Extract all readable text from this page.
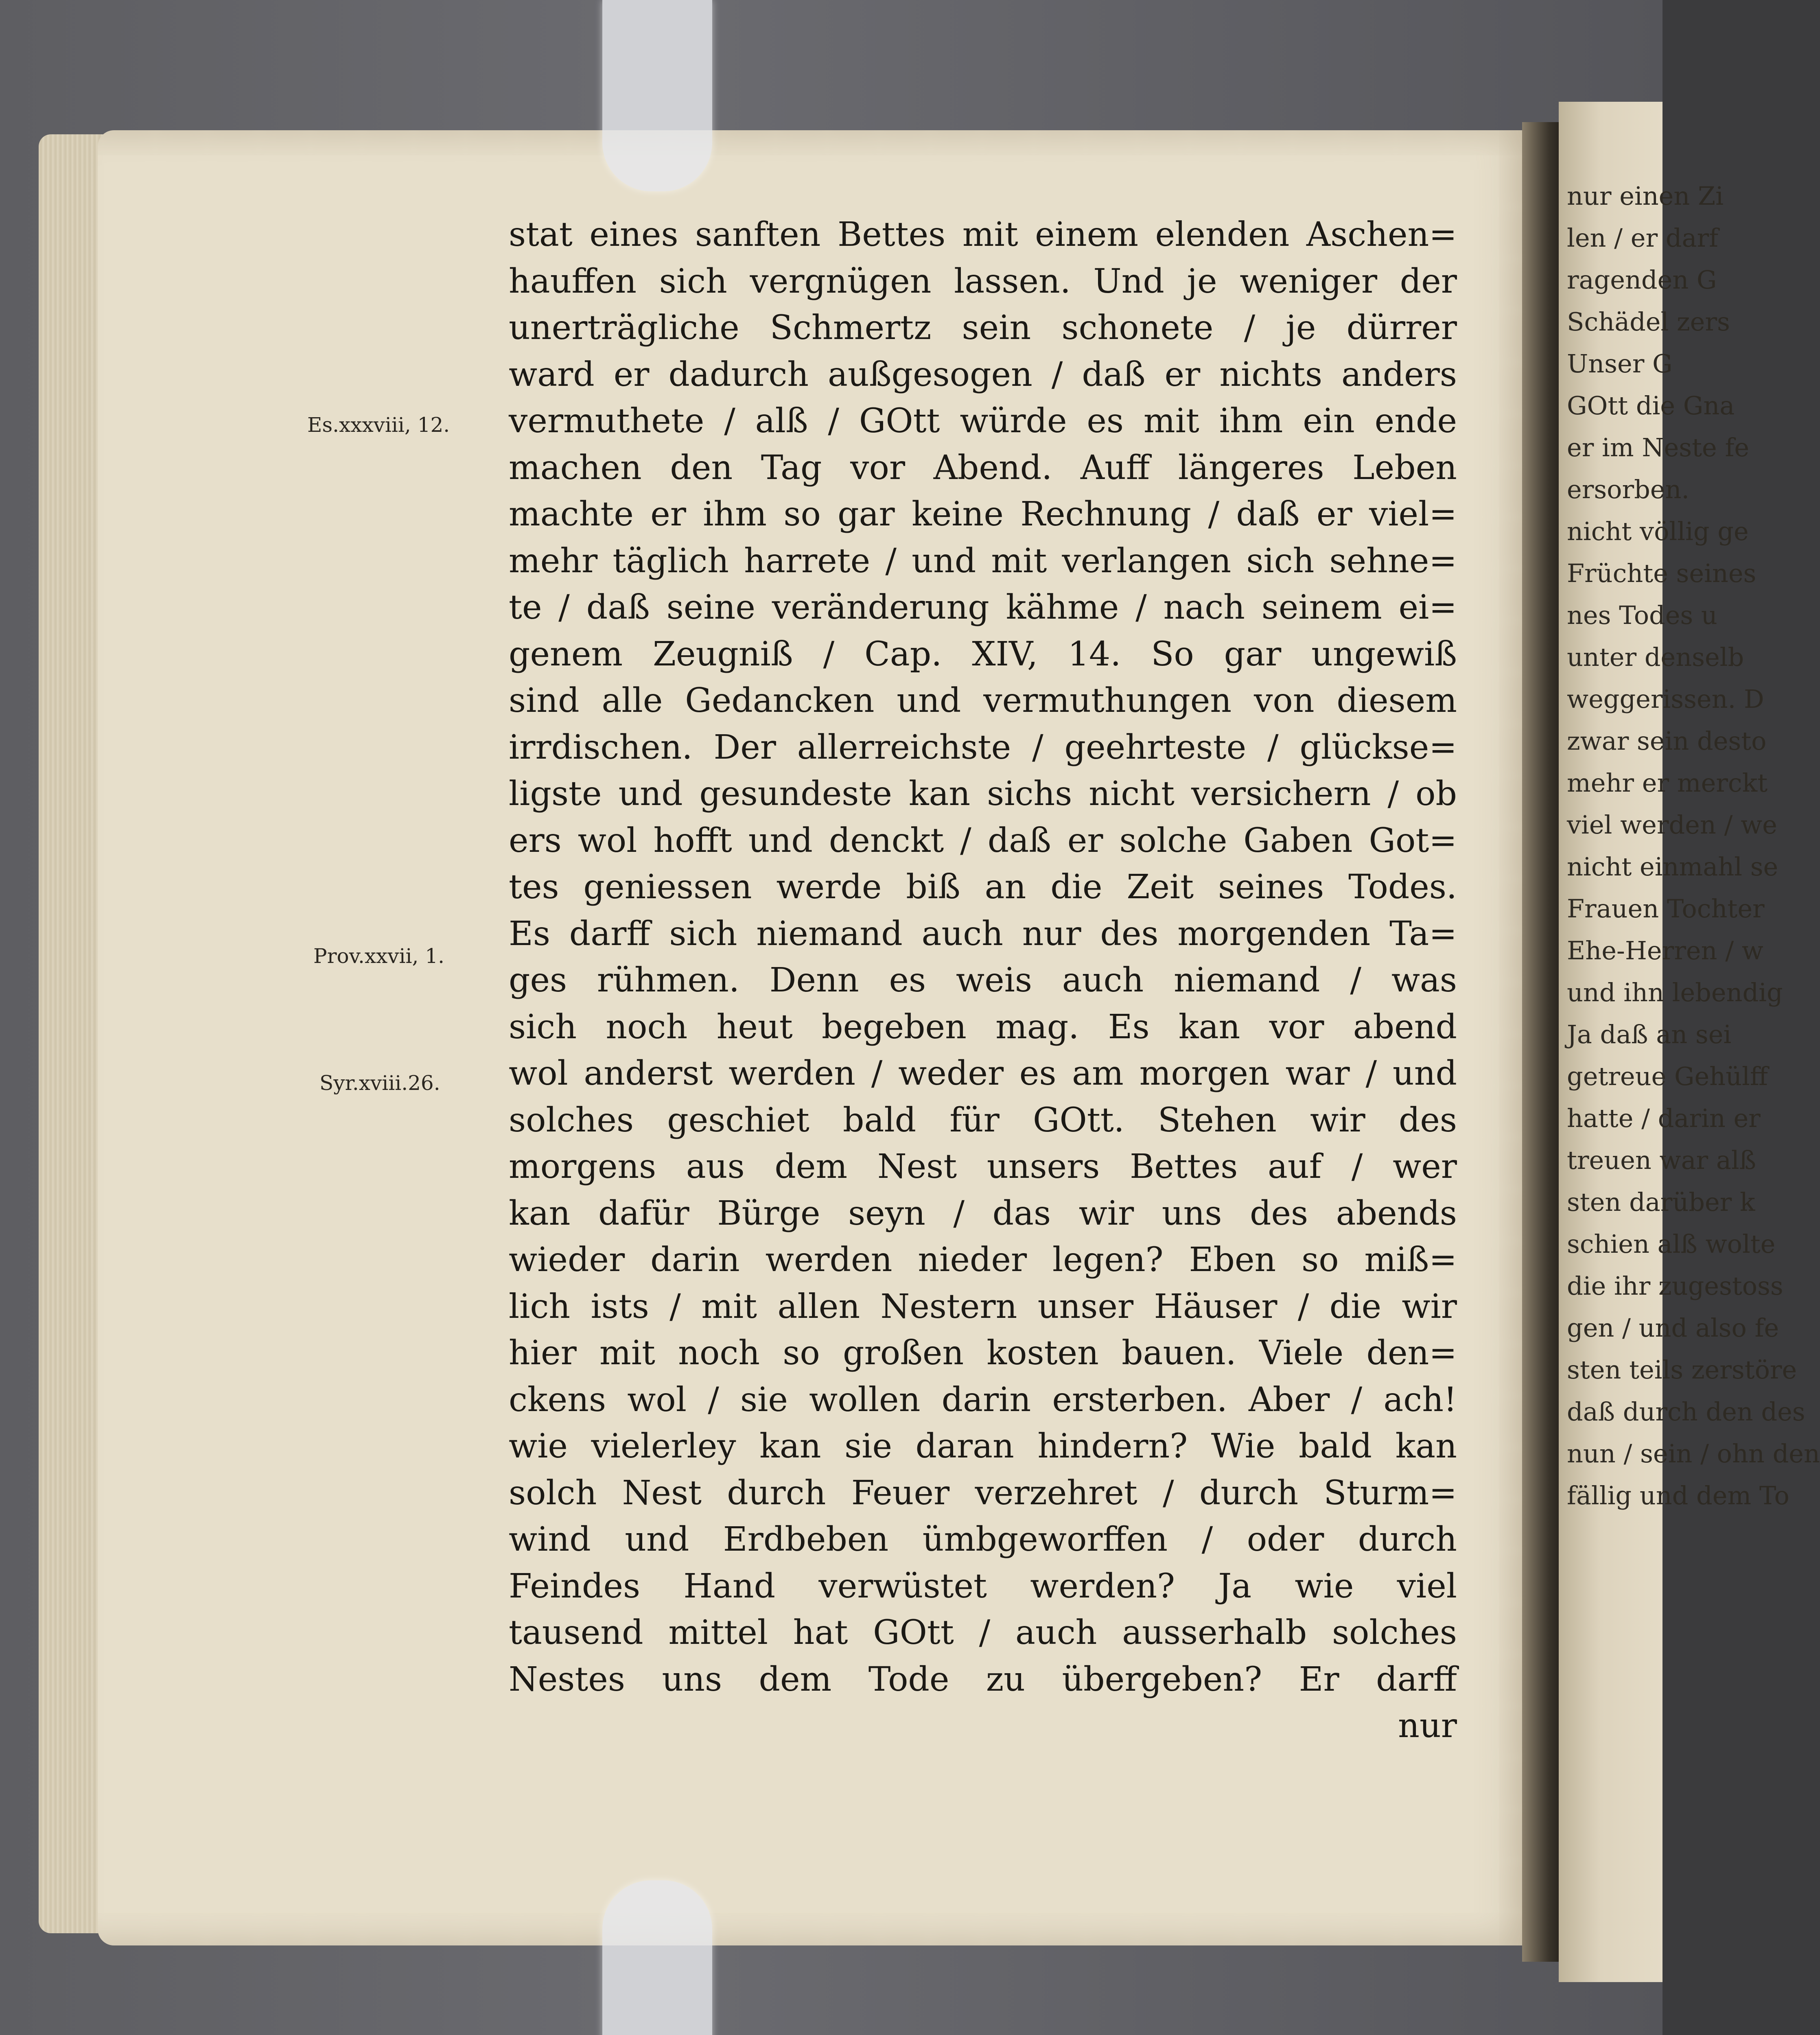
stat eines sanften Bettes mit einem elenden Aschen=
hauffen sich vergnügen lassen. Und je weniger der
unerträgliche Schmertz sein schonete / je dürrer
ward er dadurch außgesogen / daß er nichts anders
vermuthete / alß / GOtt würde es mit ihm ein ende
machen den Tag vor Abend. Auff längeres Leben
machte er ihm so gar keine Rechnung / daß er viel=
mehr täglich harrete / und mit verlangen sich sehne=
te / daß seine veränderung kähme / nach seinem ei=
genem Zeugniß / Cap. XIV, 14. So gar ungewiß
sind alle Gedancken und vermuthungen von diesem
irrdischen. Der allerreichste / geehrteste / glückse=
ligste und gesundeste kan sichs nicht versichern / ob
ers wol hofft und denckt / daß er solche Gaben Got=
tes geniessen werde biß an die Zeit seines Todes.
Es darff sich niemand auch nur des morgenden Ta=
ges rühmen. Denn es weis auch niemand / was
sich noch heut begeben mag. Es kan vor abend
wol anderst werden / weder es am morgen war / und
solches geschiet bald für GOtt. Stehen wir des
morgens aus dem Nest unsers Bettes auf / wer
kan dafür Bürge seyn / das wir uns des abends
wieder darin werden nieder legen? Eben so miß=
lich ists / mit allen Nestern unser Häuser / die wir
hier mit noch so großen kosten bauen. Viele den=
ckens wol / sie wollen darin ersterben. Aber / ach!
wie vielerley kan sie daran hindern? Wie bald kan
solch Nest durch Feuer verzehret / durch Sturm=
wind und Erdbeben ümbgeworffen / oder durch
Feindes Hand verwüstet werden? Ja wie viel
tausend mittel hat GOtt / auch ausserhalb solches
Nestes uns dem Tode zu übergeben? Er darff
nur
Es.xxxviii, 12.
Prov.xxvii, 1.
Syr.xviii.26.
nur einen Zi
len / er darf
ragenden G
Schädel zers
Unser G
GOtt die Gna
er im Neste fe
ersorben.
nicht völlig ge
Früchte seines
nes Todes u
unter denselb
weggerissen. D
zwar sein desto
mehr er merckt
viel werden / we
nicht einmahl se
Frauen Tochter
Ehe-Herren / w
und ihn lebendig
Ja daß an sei
getreue Gehülff
hatte / darin er
treuen war alß
sten darüber k
schien alß wolte
die ihr zugestoss
gen / und also fe
sten teils zerstöre
daß durch den des
nun / sein / ohn den
fällig und dem To
